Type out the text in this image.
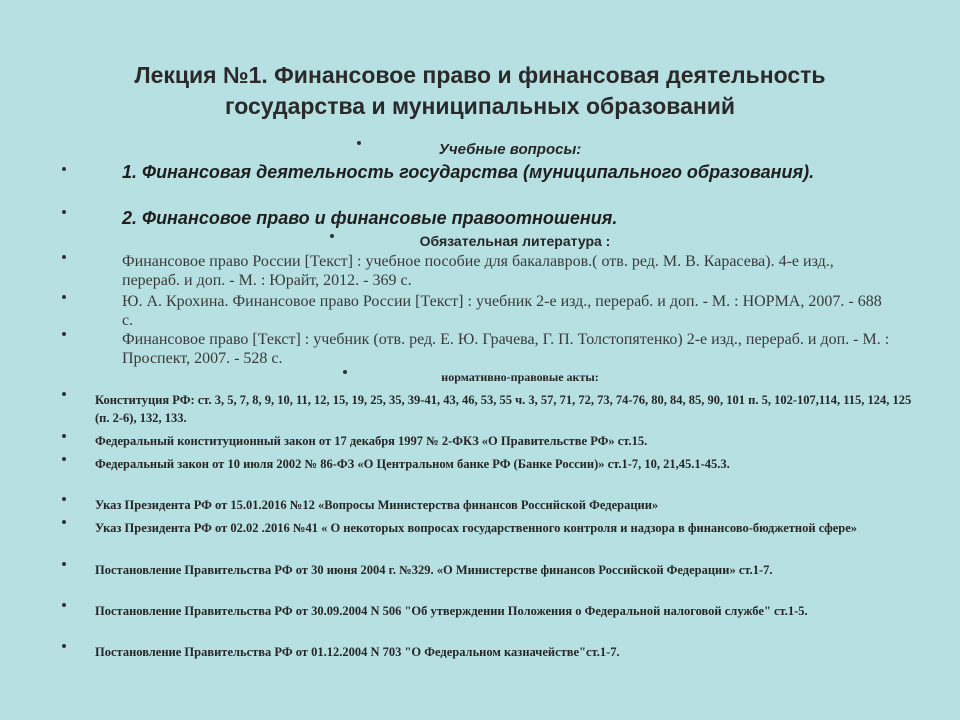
Лекция №1. Финансовое право и финансовая деятельность
государства и муниципальных образований
Учебные вопросы:
1. Финансовая деятельность государства (муниципального образования).
2. Финансовое право и финансовые правоотношения.
Обязательная литература :
Финансовое право России [Текст] : учебное пособие для бакалавров.( отв. ред. М. В. Карасева). 4-е изд., перераб. и доп. - М. : Юрайт, 2012. - 369 с.
Ю. А. Крохина. Финансовое право России [Текст] : учебник 2-е изд., перераб. и доп. - М. : НОРМА, 2007. - 688 с.
Финансовое право [Текст] : учебник (отв. ред. Е. Ю. Грачева, Г. П. Толстопятенко) 2-е изд., перераб. и доп. - М. : Проспект, 2007. - 528 с.
нормативно-правовые акты:
Конституция РФ: ст. 3, 5, 7, 8, 9, 10, 11, 12, 15, 19, 25, 35, 39-41, 43, 46, 53, 55 ч. 3, 57, 71, 72, 73, 74-76, 80, 84, 85, 90, 101 п. 5, 102-107,114, 115, 124, 125 (п. 2-6), 132, 133.
Федеральный конституционный закон от 17 декабря 1997 № 2-ФКЗ «О Правительстве РФ» ст.15.
Федеральный закон от 10 июля 2002 № 86-ФЗ «О Центральном банке РФ (Банке России)» ст.1-7, 10, 21,45.1-45.3.
Указ Президента РФ от 15.01.2016 №12 «Вопросы Министерства финансов Российской Федерации»
Указ Президента РФ от 02.02 .2016 №41 « О некоторых вопросах государственного контроля и надзора в финансово-бюджетной сфере»
Постановление Правительства РФ от 30 июня 2004 г. №329. «О Министерстве финансов Российской Федерации» ст.1-7.
Постановление Правительства РФ от 30.09.2004 N 506 "Об утверждении Положения о Федеральной налоговой службе" ст.1-5.
Постановление Правительства РФ от 01.12.2004 N 703 "О Федеральном казначействе"ст.1-7.
